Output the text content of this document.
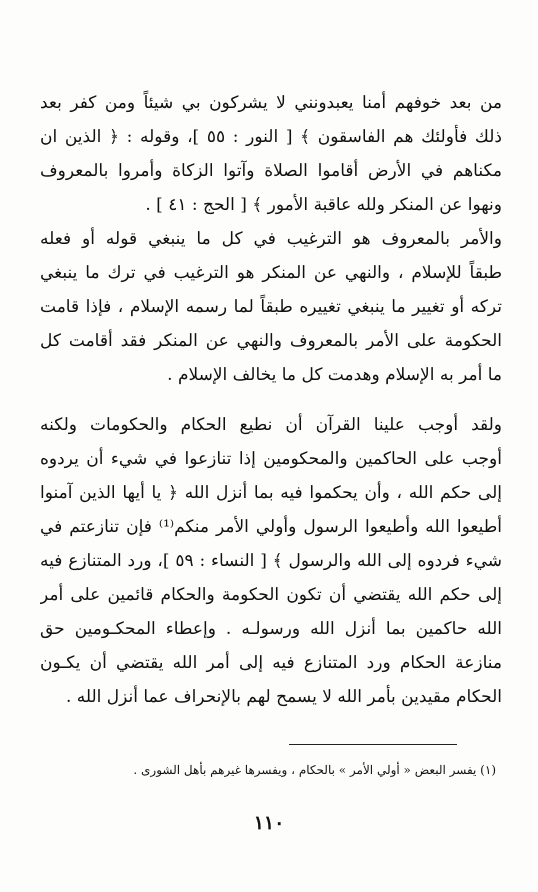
من بعد خوفهم أمنا يعبدونني لا يشركون بي شيئاً ومن كفر بعد
ذلك فأولئك هم الفاسقون ﴾ [ النور : ٥٥ ]، وقوله : ﴿ الذين ان
مكناهم في الأرض أقاموا الصلاة وآتوا الزكاة وأمروا بالمعروف
ونهوا عن المنكر ولله عاقبة الأمور ﴾ [ الحج : ٤١ ] .
والأمر بالمعروف هو الترغيب في كل ما ينبغي قوله أو فعله
طبقاً للإسلام ، والنهي عن المنكر هو الترغيب في ترك ما ينبغي
تركه أو تغيير ما ينبغي تغييره طبقاً لما رسمه الإسلام ، فإذا قامت
الحكومة على الأمر بالمعروف والنهي عن المنكر فقد أقامت كل
ما أمر به الإسلام وهدمت كل ما يخالف الإسلام .
ولقد أوجب علينا القرآن أن نطيع الحكام والحكومات ولكنه
أوجب على الحاكمين والمحكومين إذا تنازعوا في شيء أن يردوه
إلى حكم الله ، وأن يحكموا فيه بما أنزل الله ﴿ يا أيها الذين آمنوا
أطيعوا الله وأطيعوا الرسول وأولي الأمر منكم⁽¹⁾ فإن تنازعتم في
شيء فردوه إلى الله والرسول ﴾ [ النساء : ٥٩ ]، ورد المتنازع فيه
إلى حكم الله يقتضي أن تكون الحكومة والحكام قائمين على أمر
الله حاكمين بما أنزل الله ورسولـه . وإعطاء المحكـومين حق
منازعة الحكام ورد المتنازع فيه إلى أمر الله يقتضي أن يكـون
الحكام مقيدين بأمر الله لا يسمح لهم بالإنحراف عما أنزل الله .
(١) يفسر البعض « أولي الأمر » بالحكام ، ويفسرها غيرهم بأهل الشورى .
١١٠
